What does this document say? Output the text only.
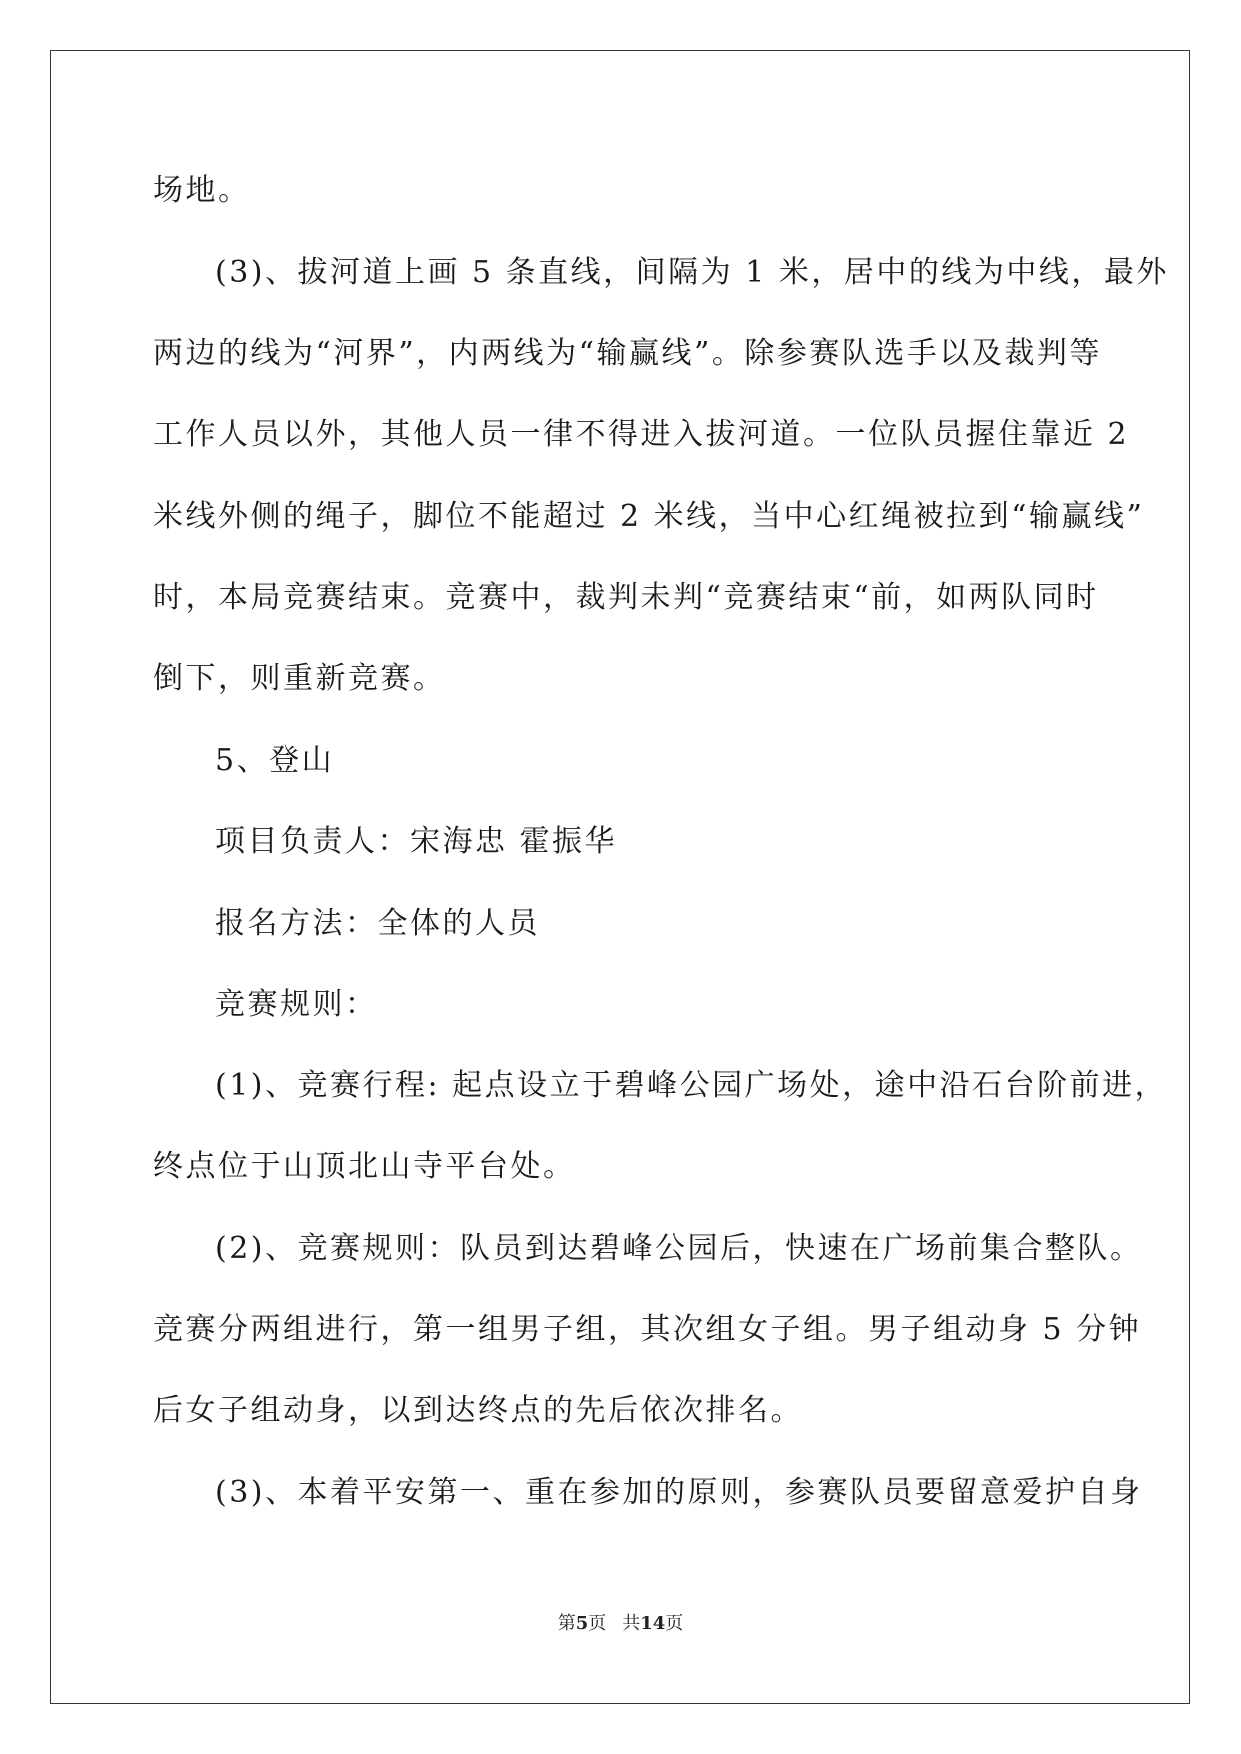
场地。
(3)、拔河道上画 5 条直线，间隔为 1 米，居中的线为中线，最外
两边的线为“河界”，内两线为“输赢线”。除参赛队选手以及裁判等
工作人员以外，其他人员一律不得进入拔河道。一位队员握住靠近 2
米线外侧的绳子，脚位不能超过 2 米线，当中心红绳被拉到“输赢线”
时，本局竞赛结束。竞赛中，裁判未判“竞赛结束“前，如两队同时
倒下，则重新竞赛。
5、登山
项目负责人：宋海忠 霍振华
报名方法：全体的人员
竞赛规则：
(1)、竞赛行程: 起点设立于碧峰公园广场处，途中沿石台阶前进，
终点位于山顶北山寺平台处。
(2)、竞赛规则：队员到达碧峰公园后，快速在广场前集合整队。
竞赛分两组进行，第一组男子组，其次组女子组。男子组动身 5 分钟
后女子组动身，以到达终点的先后依次排名。
(3)、本着平安第一、重在参加的原则，参赛队员要留意爱护自身
第5页 共14页
